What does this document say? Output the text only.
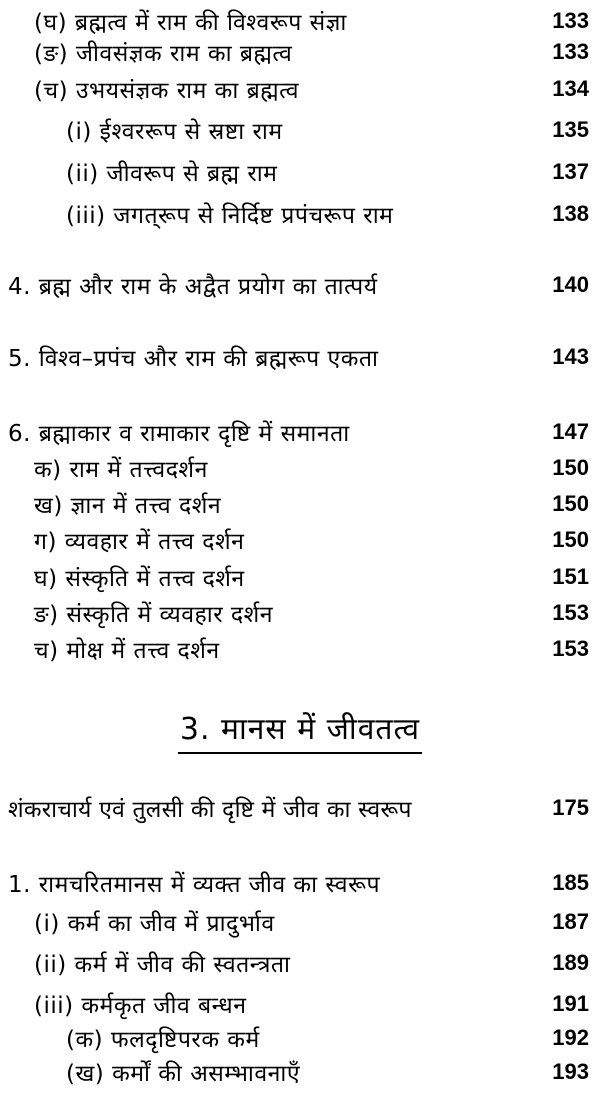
(घ) ब्रह्मत्व में राम की विश्वरूप संज्ञा	133
(ङ) जीवसंज्ञक राम का ब्रह्मत्व	133
(च) उभयसंज्ञक राम का ब्रह्मत्व	134
(i) ईश्वररूप से स्रष्टा राम	135
(ii) जीवरूप से ब्रह्म राम	137
(iii) जगत्‌रूप से निर्दिष्ट प्रपंचरूप राम	138
4. ब्रह्म और राम के अद्वैत प्रयोग का तात्पर्य	140
5. विश्व–प्रपंच और राम की ब्रह्मरूप एकता	143
6. ब्रह्माकार व रामाकार दृष्टि में समानता	147
क) राम में तत्त्वदर्शन	150
ख) ज्ञान में तत्त्व दर्शन	150
ग) व्यवहार में तत्त्व दर्शन	150
घ) संस्कृति में तत्त्व दर्शन	151
ङ) संस्कृति में व्यवहार दर्शन	153
च) मोक्ष में तत्त्व दर्शन	153
3. मानस में जीवतत्व
शंकराचार्य एवं तुलसी की दृष्टि में जीव का स्वरूप	175
1. रामचरितमानस में व्यक्त जीव का स्वरूप	185
(i) कर्म का जीव में प्रादुर्भाव	187
(ii) कर्म में जीव की स्वतन्त्रता	189
(iii) कर्मकृत जीव बन्धन	191
(क) फलदृष्टिपरक कर्म	192
(ख) कर्मों की असम्भावनाएँ	193
